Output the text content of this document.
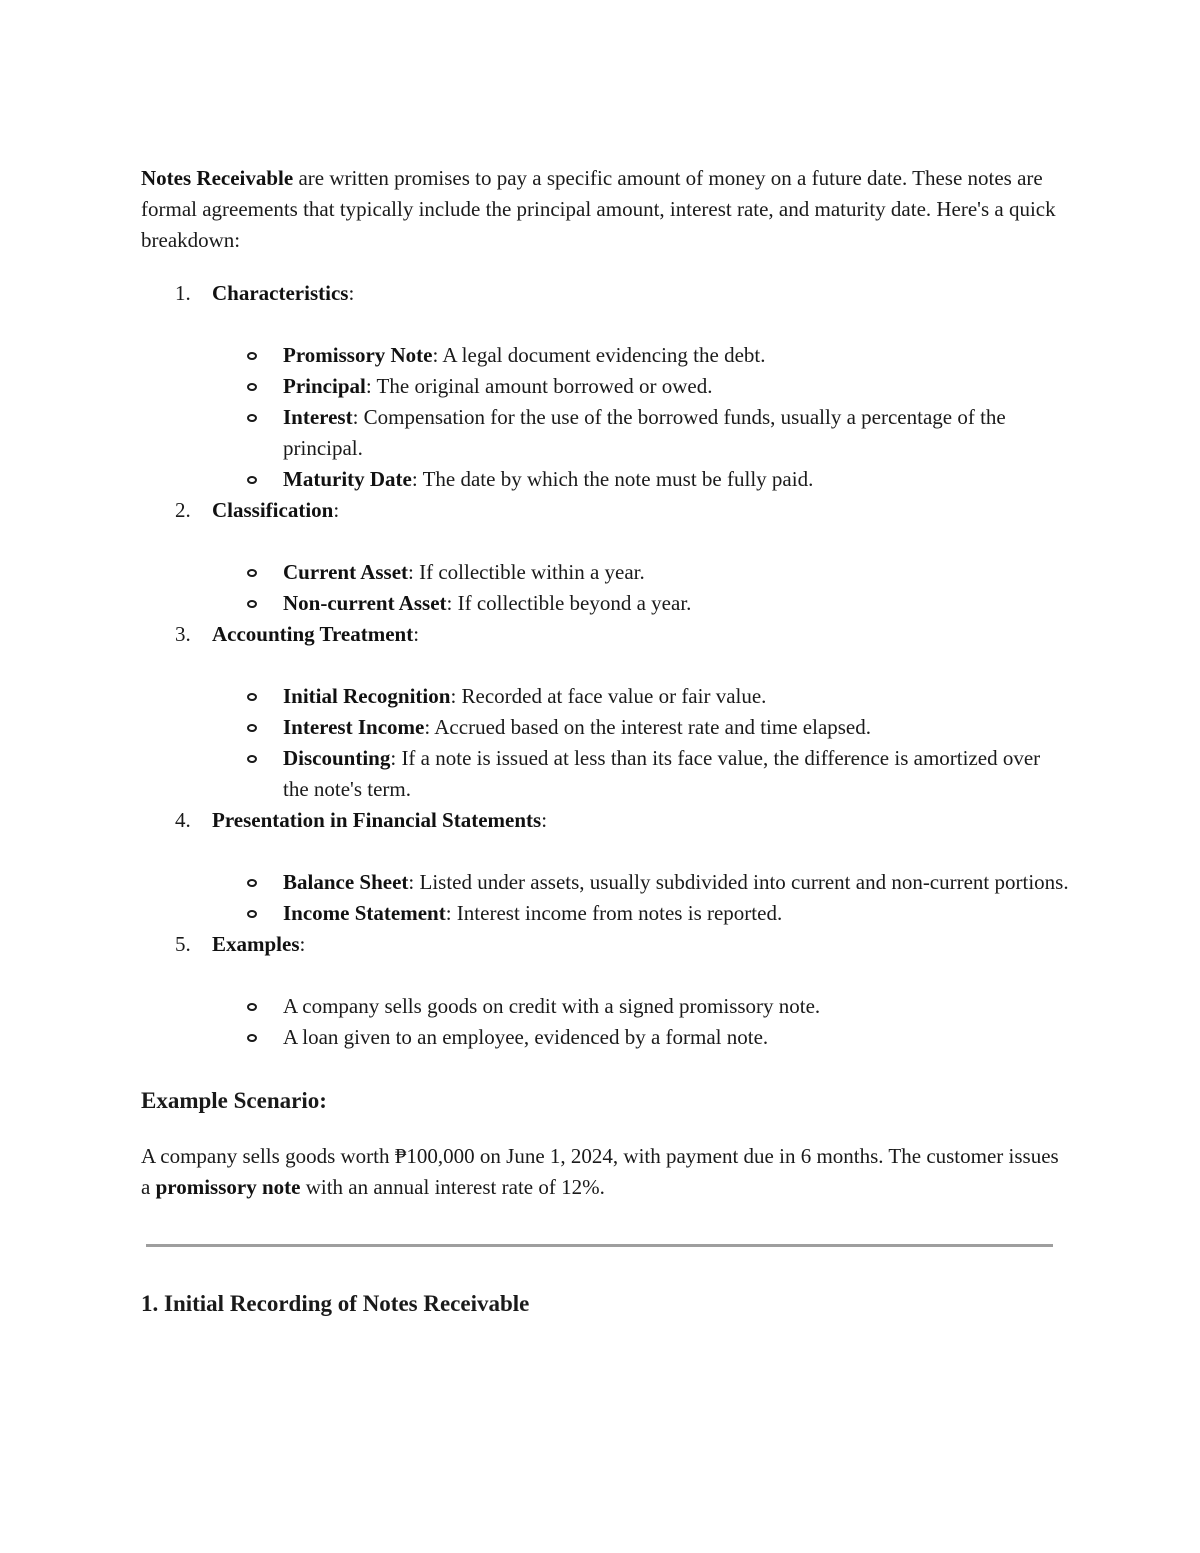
Notes Receivable are written promises to pay a specific amount of money on a future date. These notes are formal agreements that typically include the principal amount, interest rate, and maturity date. Here's a quick breakdown:

1. Characteristics:
Promissory Note: A legal document evidencing the debt.
Principal: The original amount borrowed or owed.
Interest: Compensation for the use of the borrowed funds, usually a percentage of the principal.
Maturity Date: The date by which the note must be fully paid.
2. Classification:
Current Asset: If collectible within a year.
Non-current Asset: If collectible beyond a year.
3. Accounting Treatment:
Initial Recognition: Recorded at face value or fair value.
Interest Income: Accrued based on the interest rate and time elapsed.
Discounting: If a note is issued at less than its face value, the difference is amortized over the note's term.
4. Presentation in Financial Statements:
Balance Sheet: Listed under assets, usually subdivided into current and non-current portions.
Income Statement: Interest income from notes is reported.
5. Examples:
A company sells goods on credit with a signed promissory note.
A loan given to an employee, evidenced by a formal note.
Example Scenario:

A company sells goods worth ₱100,000 on June 1, 2024, with payment due in 6 months. The customer issues a promissory note with an annual interest rate of 12%.

1. Initial Recording of Notes Receivable
